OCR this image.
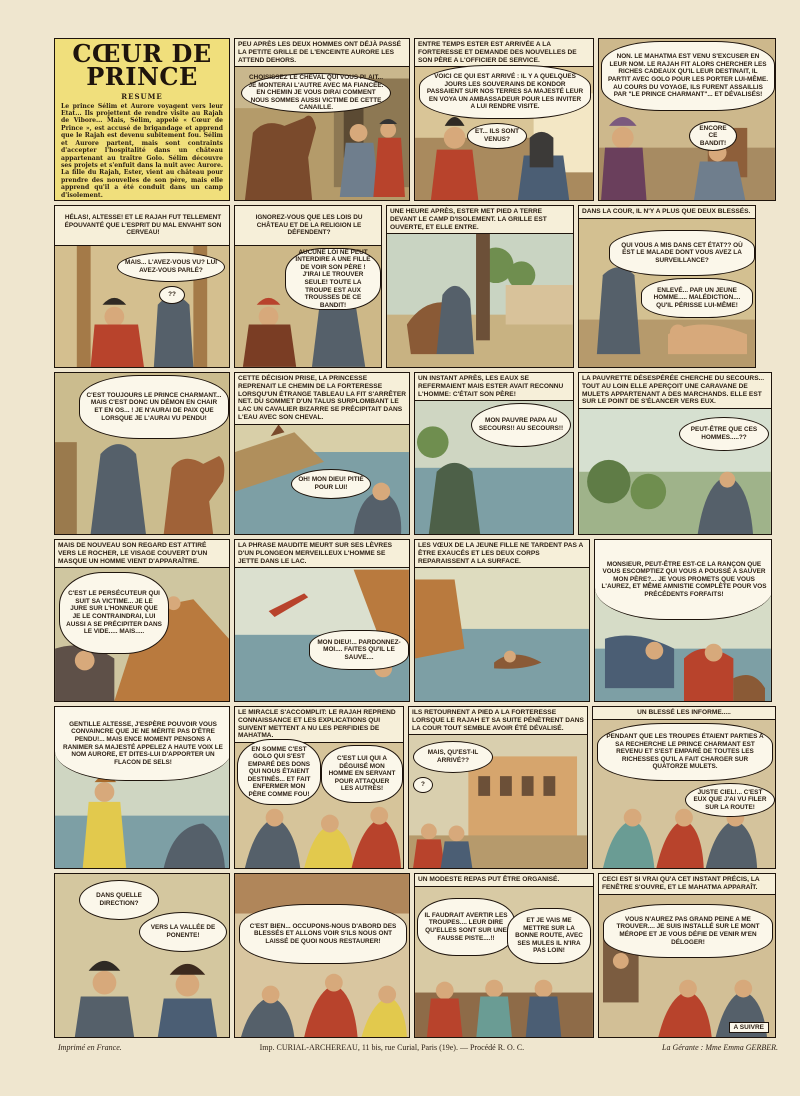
CŒUR DE PRINCE
RESUME
Le prince Sélim et Aurore voyagent vers leur Etat... Ils projettent de rendre visite au Rajah de Vibore... Mais, Sélim, appelé « Cœur de Prince », est accusé de brigandage et apprend que le Rajah est devenu subitement fou. Sélim et Aurore partent, mais sont contraints d'accepter l'hospitalité dans un château appartenant au traître Golo. Sélim découvre ses projets et s'enfuit dans la nuit avec Aurore. La fille du Rajah, Ester, vient au château pour prendre des nouvelles de son père, mais elle apprend qu'il a été conduit dans un camp d'isolement.
PEU APRÈS LES DEUX HOMMES ONT DÉJÀ PASSÉ LA PETITE GRILLE DE L'ENCEINTE AURORE LES ATTEND DEHORS.
CHOISISSEZ LE CHEVAL QUI VOUS PLAIT... JE MONTERAI L'AUTRE AVEC MA FIANCÉE. EN CHEMIN JE VOUS DIRAI COMMENT NOUS SOMMES AUSSI VICTIME DE CETTE CANAILLE.
ENTRE TEMPS ESTER EST ARRIVÉE A LA FORTERESSE ET DEMANDE DES NOUVELLES DE SON PÈRE A L'OFFICIER DE SERVICE.
VOICI CE QUI EST ARRIVÉ : IL Y A QUELQUES JOURS LES SOUVERAINS DE KONDOR PASSAIENT SUR NOS TERRES SA MAJESTÉ LEUR EN VOYA UN AMBASSADEUR POUR LES INVITER A LUI RENDRE VISITE.
ET... ILS SONT VENUS?
NON. LE MAHATMA EST VENU S'EXCUSER EN LEUR NOM. LE RAJAH FIT ALORS CHERCHER LES RICHES CADEAUX QU'IL LEUR DESTINAIT, IL PARTIT AVEC GOLO POUR LES PORTER LUI-MÊME. AU COURS DU VOYAGE, ILS FURENT ASSAILLIS PAR "LE PRINCE CHARMANT"... ET DÉVALISÉS!
ENCORE CE BANDIT!
HÉLAS!, ALTESSE! ET LE RAJAH FUT TELLEMENT ÉPOUVANTÉ QUE L'ESPRIT DU MAL ENVAHIT SON CERVEAU!
MAIS... L'AVEZ-VOUS VU? LUI AVEZ-VOUS PARLÉ?
??
IGNOREZ-VOUS QUE LES LOIS DU CHÂTEAU ET DE LA RELIGION LE DÉFENDENT?
AUCUNE LOI NE PEUT INTERDIRE A UNE FILLE DE VOIR SON PÈRE ! J'IRAI LE TROUVER SEULE! TOUTE LA TROUPE EST AUX TROUSSES DE CE BANDIT!
UNE HEURE APRÈS, ESTER MET PIED A TERRE DEVANT LE CAMP D'ISOLEMENT. LA GRILLE EST OUVERTE, ET ELLE ENTRE.
DANS LA COUR, IL N'Y A PLUS QUE DEUX BLESSÉS.
QUI VOUS A MIS DANS CET ÉTAT?? OÙ EST LE MALADE DONT VOUS AVEZ LA SURVEILLANCE?
ENLEVÉ... PAR UN JEUNE HOMME..... MALÉDICTION.... QU'IL PÉRISSE LUI-MÊME!
C'EST TOUJOURS LE PRINCE CHARMANT... MAIS C'EST DONC UN DÉMON EN CHAIR ET EN OS... ! JE N'AURAI DE PAIX QUE LORSQUE JE L'AURAI VU PENDU!
CETTE DÉCISION PRISE, LA PRINCESSE REPRENAIT LE CHEMIN DE LA FORTERESSE LORSQU'UN ÉTRANGE TABLEAU LA FIT S'ARRÊTER NET. DU SOMMET D'UN TALUS SURPLOMBANT LE LAC UN CAVALIER BIZARRE SE PRÉCIPITAIT DANS L'EAU AVEC SON CHEVAL.
OH! MON DIEU! PITIÉ POUR LUI!
UN INSTANT APRÈS, LES EAUX SE REFERMAIENT MAIS ESTER AVAIT RECONNU L'HOMME: C'ÉTAIT SON PÈRE!
MON PAUVRE PAPA AU SECOURS!! AU SECOURS!!
LA PAUVRETTE DÉSESPÉRÉE CHERCHE DU SECOURS... TOUT AU LOIN ELLE APERÇOIT UNE CARAVANE DE MULETS APPARTENANT A DES MARCHANDS. ELLE EST SUR LE POINT DE S'ÉLANCER VERS EUX.
PEUT-ÊTRE QUE CES HOMMES.....??
MAIS DE NOUVEAU SON REGARD EST ATTIRÉ VERS LE ROCHER, LE VISAGE COUVERT D'UN MASQUE UN HOMME VIENT D'APPARAÎTRE.
C'EST LE PERSÉCUTEUR QUI SUIT SA VICTIME... JE LE JURE SUR L'HONNEUR QUE JE LE CONTRAINDRAI, LUI AUSSI A SE PRÉCIPITER DANS LE VIDE..... MAIS.....
LA PHRASE MAUDITE MEURT SUR SES LÈVRES D'UN PLONGEON MERVEILLEUX L'HOMME SE JETTE DANS LE LAC.
MON DIEU!... PARDONNEZ-MOI.... FAITES QU'IL LE SAUVE....
LES VŒUX DE LA JEUNE FILLE NE TARDENT PAS A ÊTRE EXAUCÉS ET LES DEUX CORPS REPARAISSENT A LA SURFACE.	MONSIEUR, PEUT-ÊTRE EST-CE LA RANÇON QUE VOUS ESCOMPTIEZ QUI VOUS A POUSSÉ A SAUVER MON PÈRE?... JE VOUS PROMETS QUE VOUS L'AUREZ, ET MÊME AMNISTIE COMPLÈTE POUR VOS PRÉCÉDENTS FORFAITS!
GENTILLE ALTESSE, J'ESPÈRE POUVOIR VOUS CONVAINCRE QUE JE NE MÉRITE PAS D'ÊTRE PENDU!... MAIS ENCE MOMENT PENSONS A RANIMER SA MAJESTÉ APPELEZ A HAUTE VOIX LE NOM AURORE, ET DITES-LUI D'APPORTER UN FLACON DE SELS!
LE MIRACLE S'ACCOMPLIT: LE RAJAH REPREND CONNAISSANCE ET LES EXPLICATIONS QUI SUIVENT METTENT A NU LES PERFIDIES DE MAHATMA.
EN SOMME C'EST GOLO QUI S'EST EMPARÉ DES DONS QUI NOUS ÉTAIENT DESTINÉS... ET FAIT ENFERMER MON PÈRE COMME FOU!
C'EST LUI QUI A DÉGUISÉ MON HOMME EN SERVANT POUR ATTAQUER LES AUTRES!
ILS RETOURNENT A PIED A LA FORTERESSE LORSQUE LE RAJAH ET SA SUITE PÉNÈTRENT DANS LA COUR TOUT SEMBLE AVOIR ÉTÉ DÉVALISÉ.
MAIS, QU'EST-IL ARRIVÉ??
?
UN BLESSÉ LES INFORME.....
PENDANT QUE LES TROUPES ÉTAIENT PARTIES A SA RECHERCHE LE PRINCE CHARMANT EST REVENU ET S'EST EMPARÉ DE TOUTES LES RICHESSES QU'IL A FAIT CHARGER SUR QUATORZE MULETS.
JUSTE CIEL!... C'EST EUX QUE J'AI VU FILER SUR LA ROUTE!
DANS QUELLE DIRECTION?
VERS LA VALLÉE DE PONENTE!
C'EST BIEN... OCCUPONS-NOUS D'ABORD DES BLESSÉS ET ALLONS VOIR S'ILS NOUS ONT LAISSÉ DE QUOI NOUS RESTAURER!
UN MODESTE REPAS PUT ÊTRE ORGANISÉ.
IL FAUDRAIT AVERTIR LES TROUPES.... LEUR DIRE QU'ELLES SONT SUR UNE FAUSSE PISTE....!!
ET JE VAIS ME METTRE SUR LA BONNE ROUTE, AVEC SES MULES IL N'IRA PAS LOIN!
CECI EST SI VRAI QU'A CET INSTANT PRÉCIS, LA FENÊTRE S'OUVRE, ET LE MAHATMA APPARAÎT.
VOUS N'AUREZ PAS GRAND PEINE A ME TROUVER.... JE SUIS INSTALLÉ SUR LE MONT MÉROPE ET JE VOUS DÉFIE DE VENIR M'EN DÉLOGER!
A SUIVRE
Imprimé en France.	Imp. CURIAL-ARCHEREAU, 11 bis, rue Curial, Paris (19e). — Procédé R. O. C.	La Gérante : Mme Emma GERBER.
